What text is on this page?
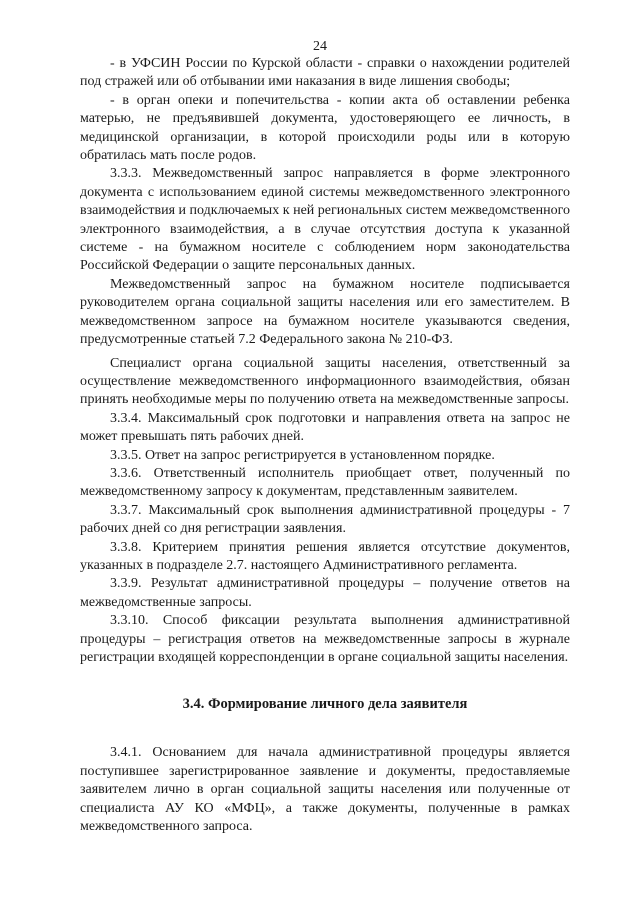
24

- в УФСИН России по Курской области - справки о нахождении родителей под стражей или об отбывании ими наказания в виде лишения свободы;

- в орган опеки и попечительства - копии акта об оставлении ребенка матерью, не предъявившей документа, удостоверяющего ее личность, в медицинской организации, в которой происходили роды или в которую обратилась мать после родов.

3.3.3. Межведомственный запрос направляется в форме электронного документа с использованием единой системы межведомственного электронного взаимодействия и подключаемых к ней региональных систем межведомственного электронного взаимодействия, а в случае отсутствия доступа к указанной системе - на бумажном носителе с соблюдением норм законодательства Российской Федерации о защите персональных данных.

Межведомственный запрос на бумажном носителе подписывается руководителем органа социальной защиты населения или его заместителем. В межведомственном запросе на бумажном носителе указываются сведения, предусмотренные статьей 7.2 Федерального закона № 210-ФЗ.

Специалист органа социальной защиты населения, ответственный за осуществление межведомственного информационного взаимодействия, обязан принять необходимые меры по получению ответа на межведомственные запросы.

3.3.4. Максимальный срок подготовки и направления ответа на запрос не может превышать пять рабочих дней.

3.3.5. Ответ на запрос регистрируется в установленном порядке.

3.3.6. Ответственный исполнитель приобщает ответ, полученный по межведомственному запросу к документам, представленным заявителем.

3.3.7. Максимальный срок выполнения административной процедуры - 7 рабочих дней со дня регистрации заявления.

3.3.8. Критерием принятия решения является отсутствие документов, указанных в подразделе 2.7. настоящего Административного регламента.

3.3.9. Результат административной процедуры – получение ответов на межведомственные запросы.

3.3.10. Способ фиксации результата выполнения административной процедуры – регистрация ответов на межведомственные запросы в журнале регистрации входящей корреспонденции в органе социальной защиты населения.

3.4. Формирование личного дела заявителя

3.4.1. Основанием для начала административной процедуры является поступившее зарегистрированное заявление и документы, предоставляемые заявителем лично в орган социальной защиты населения или полученные от специалиста АУ КО «МФЦ», а также документы, полученные в рамках межведомственного запроса.
